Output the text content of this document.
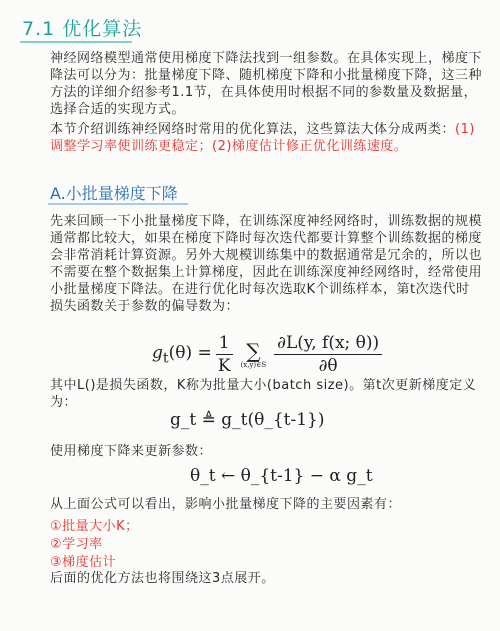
7.1 优化算法
神经网络模型通常使用梯度下降法找到一组参数。在具体实现上，梯度下降法可以分为：批量梯度下降、随机梯度下降和小批量梯度下降，这三种方法的详细介绍参考1.1节，在具体使用时根据不同的参数量及数据量，选择合适的实现方式。
本节介绍训练神经网络时常用的优化算法，这些算法大体分成两类：(1)调整学习率使训练更稳定；(2)梯度估计修正优化训练速度。
A.小批量梯度下降
先来回顾一下小批量梯度下降，在训练深度神经网络时，训练数据的规模通常都比较大，如果在梯度下降时每次迭代都要计算整个训练数据的梯度会非常消耗计算资源。另外大规模训练集中的数据通常是冗余的，所以也不需要在整个数据集上计算梯度，因此在训练深度神经网络时，经常使用小批量梯度下降法。在进行优化时每次选取K个训练样本，第t次迭代时损失函数关于参数的偏导数为：
$g_t(\theta) = \frac{1}{K}$ ∑
(x,y)∈S $\frac{\partial L(y, f(x; \theta))}{\partial\theta}$
其中L()是损失函数，K称为批量大小(batch size)。第t次更新梯度定义为：
g_t ≜ g_t(θ_{t-1})
使用梯度下降来更新参数：
θ_t ← θ_{t-1} − α g_t
从上面公式可以看出，影响小批量梯度下降的主要因素有：
①批量大小K；
②学习率
③梯度估计
后面的优化方法也将围绕这3点展开。
